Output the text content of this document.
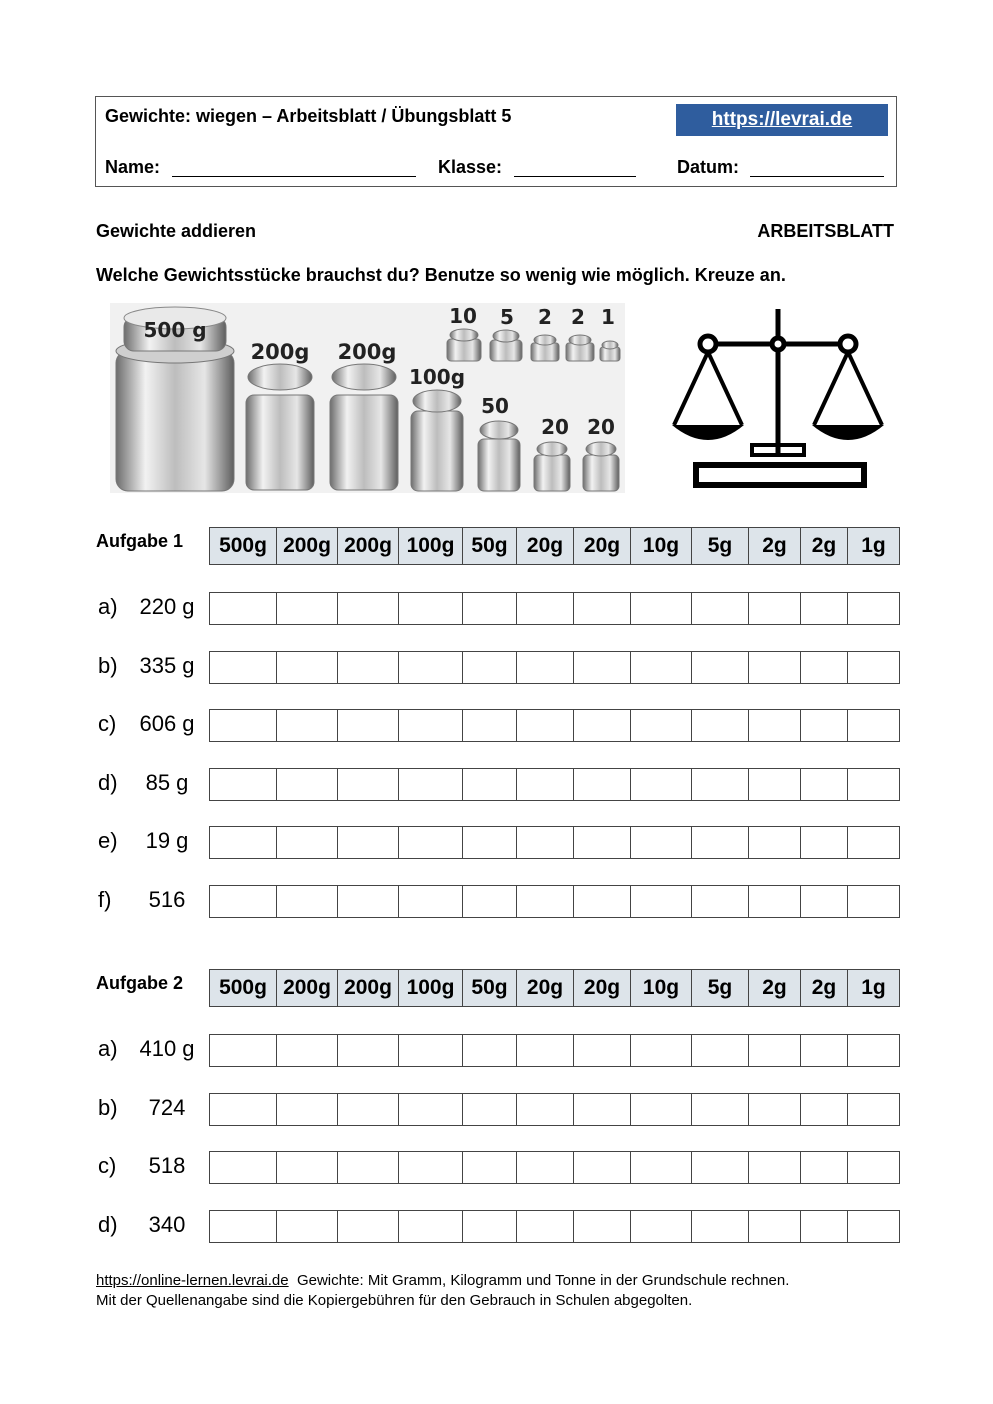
Gewichte: wiegen – Arbeitsblatt / Übungsblatt 5	https://levrai.de
Name:	Klasse:	Datum:
Gewichte addieren	ARBEITSBLATT
Welche Gewichtsstücke brauchst du? Benutze so wenig wie möglich. Kreuze an.
500 g
200g 200g
100g
50
20 20
10 5 2 2 1
Aufgabe 1 500g	200g	200g	100g	50g	20g	20g	10g	5g	2g	2g	1g
a) 220 g

b) 335 g

c) 606 g

d) 85 g

e) 19 g

f) 516

Aufgabe 2 500g	200g	200g	100g	50g	20g	20g	10g	5g	2g	2g	1g
a) 410 g

b) 724

c) 518

d) 340

https://online-lernen.levrai.de  Gewichte: Mit Gramm, Kilogramm und Tonne in der Grundschule rechnen.
Mit der Quellenangabe sind die Kopiergebühren für den Gebrauch in Schulen abgegolten.
